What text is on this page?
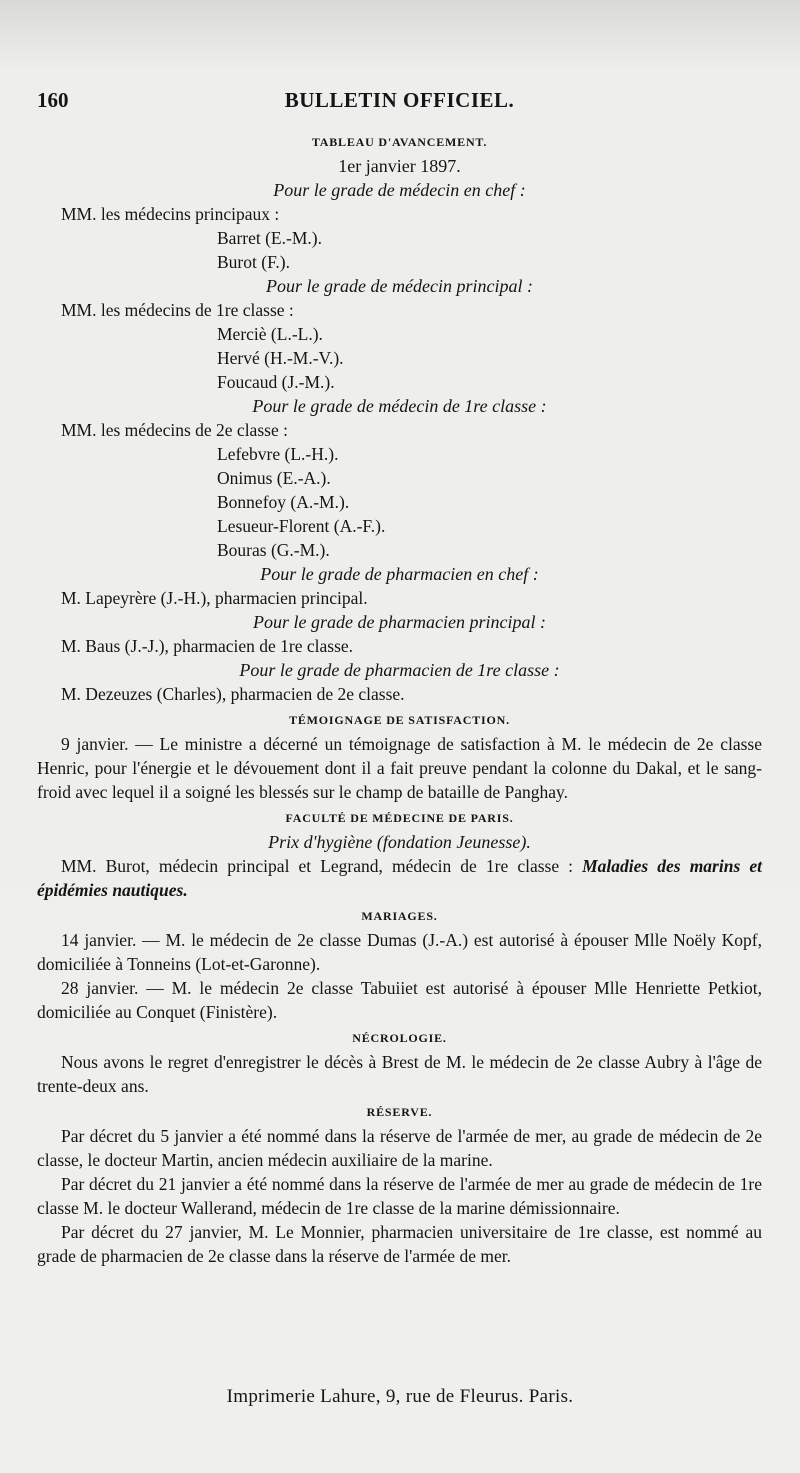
160	BULLETIN OFFICIEL.
TABLEAU D'AVANCEMENT.
1er janvier 1897.
Pour le grade de médecin en chef :
MM. les médecins principaux :
Barret (E.-M.).
Burot (F.).
Pour le grade de médecin principal :
MM. les médecins de 1re classe :
Merciè (L.-L.).
Hervé (H.-M.-V.).
Foucaud (J.-M.).
Pour le grade de médecin de 1re classe :
MM. les médecins de 2e classe :
Lefebvre (L.-H.).
Onimus (E.-A.).
Bonnefoy (A.-M.).
Lesueur-Florent (A.-F.).
Bouras (G.-M.).
Pour le grade de pharmacien en chef :
M. Lapeyrère (J.-H.), pharmacien principal.
Pour le grade de pharmacien principal :
M. Baus (J.-J.), pharmacien de 1re classe.
Pour le grade de pharmacien de 1re classe :
M. Dezeuzes (Charles), pharmacien de 2e classe.
TÉMOIGNAGE DE SATISFACTION.

9 janvier. — Le ministre a décerné un témoignage de satisfaction à M. le médecin de 2e classe Henric, pour l'énergie et le dévouement dont il a fait preuve pendant la colonne du Dakal, et le sang-froid avec lequel il a soigné les blessés sur le champ de bataille de Panghay.

FACULTÉ DE MÉDECINE DE PARIS.
Prix d'hygiène (fondation Jeunesse).

MM. Burot, médecin principal et Legrand, médecin de 1re classe : Maladies des marins et épidémies nautiques.

MARIAGES.

14 janvier. — M. le médecin de 2e classe Dumas (J.-A.) est autorisé à épouser Mlle Noëly Kopf, domiciliée à Tonneins (Lot-et-Garonne).

28 janvier. — M. le médecin 2e classe Tabuiiet est autorisé à épouser Mlle Henriette Petkiot, domiciliée au Conquet (Finistère).

NÉCROLOGIE.

Nous avons le regret d'enregistrer le décès à Brest de M. le médecin de 2e classe Aubry à l'âge de trente-deux ans.

RÉSERVE.

Par décret du 5 janvier a été nommé dans la réserve de l'armée de mer, au grade de médecin de 2e classe, le docteur Martin, ancien médecin auxiliaire de la marine.

Par décret du 21 janvier a été nommé dans la réserve de l'armée de mer au grade de médecin de 1re classe M. le docteur Wallerand, médecin de 1re classe de la marine démissionnaire.

Par décret du 27 janvier, M. Le Monnier, pharmacien universitaire de 1re classe, est nommé au grade de pharmacien de 2e classe dans la réserve de l'armée de mer.

Imprimerie Lahure, 9, rue de Fleurus. Paris.
